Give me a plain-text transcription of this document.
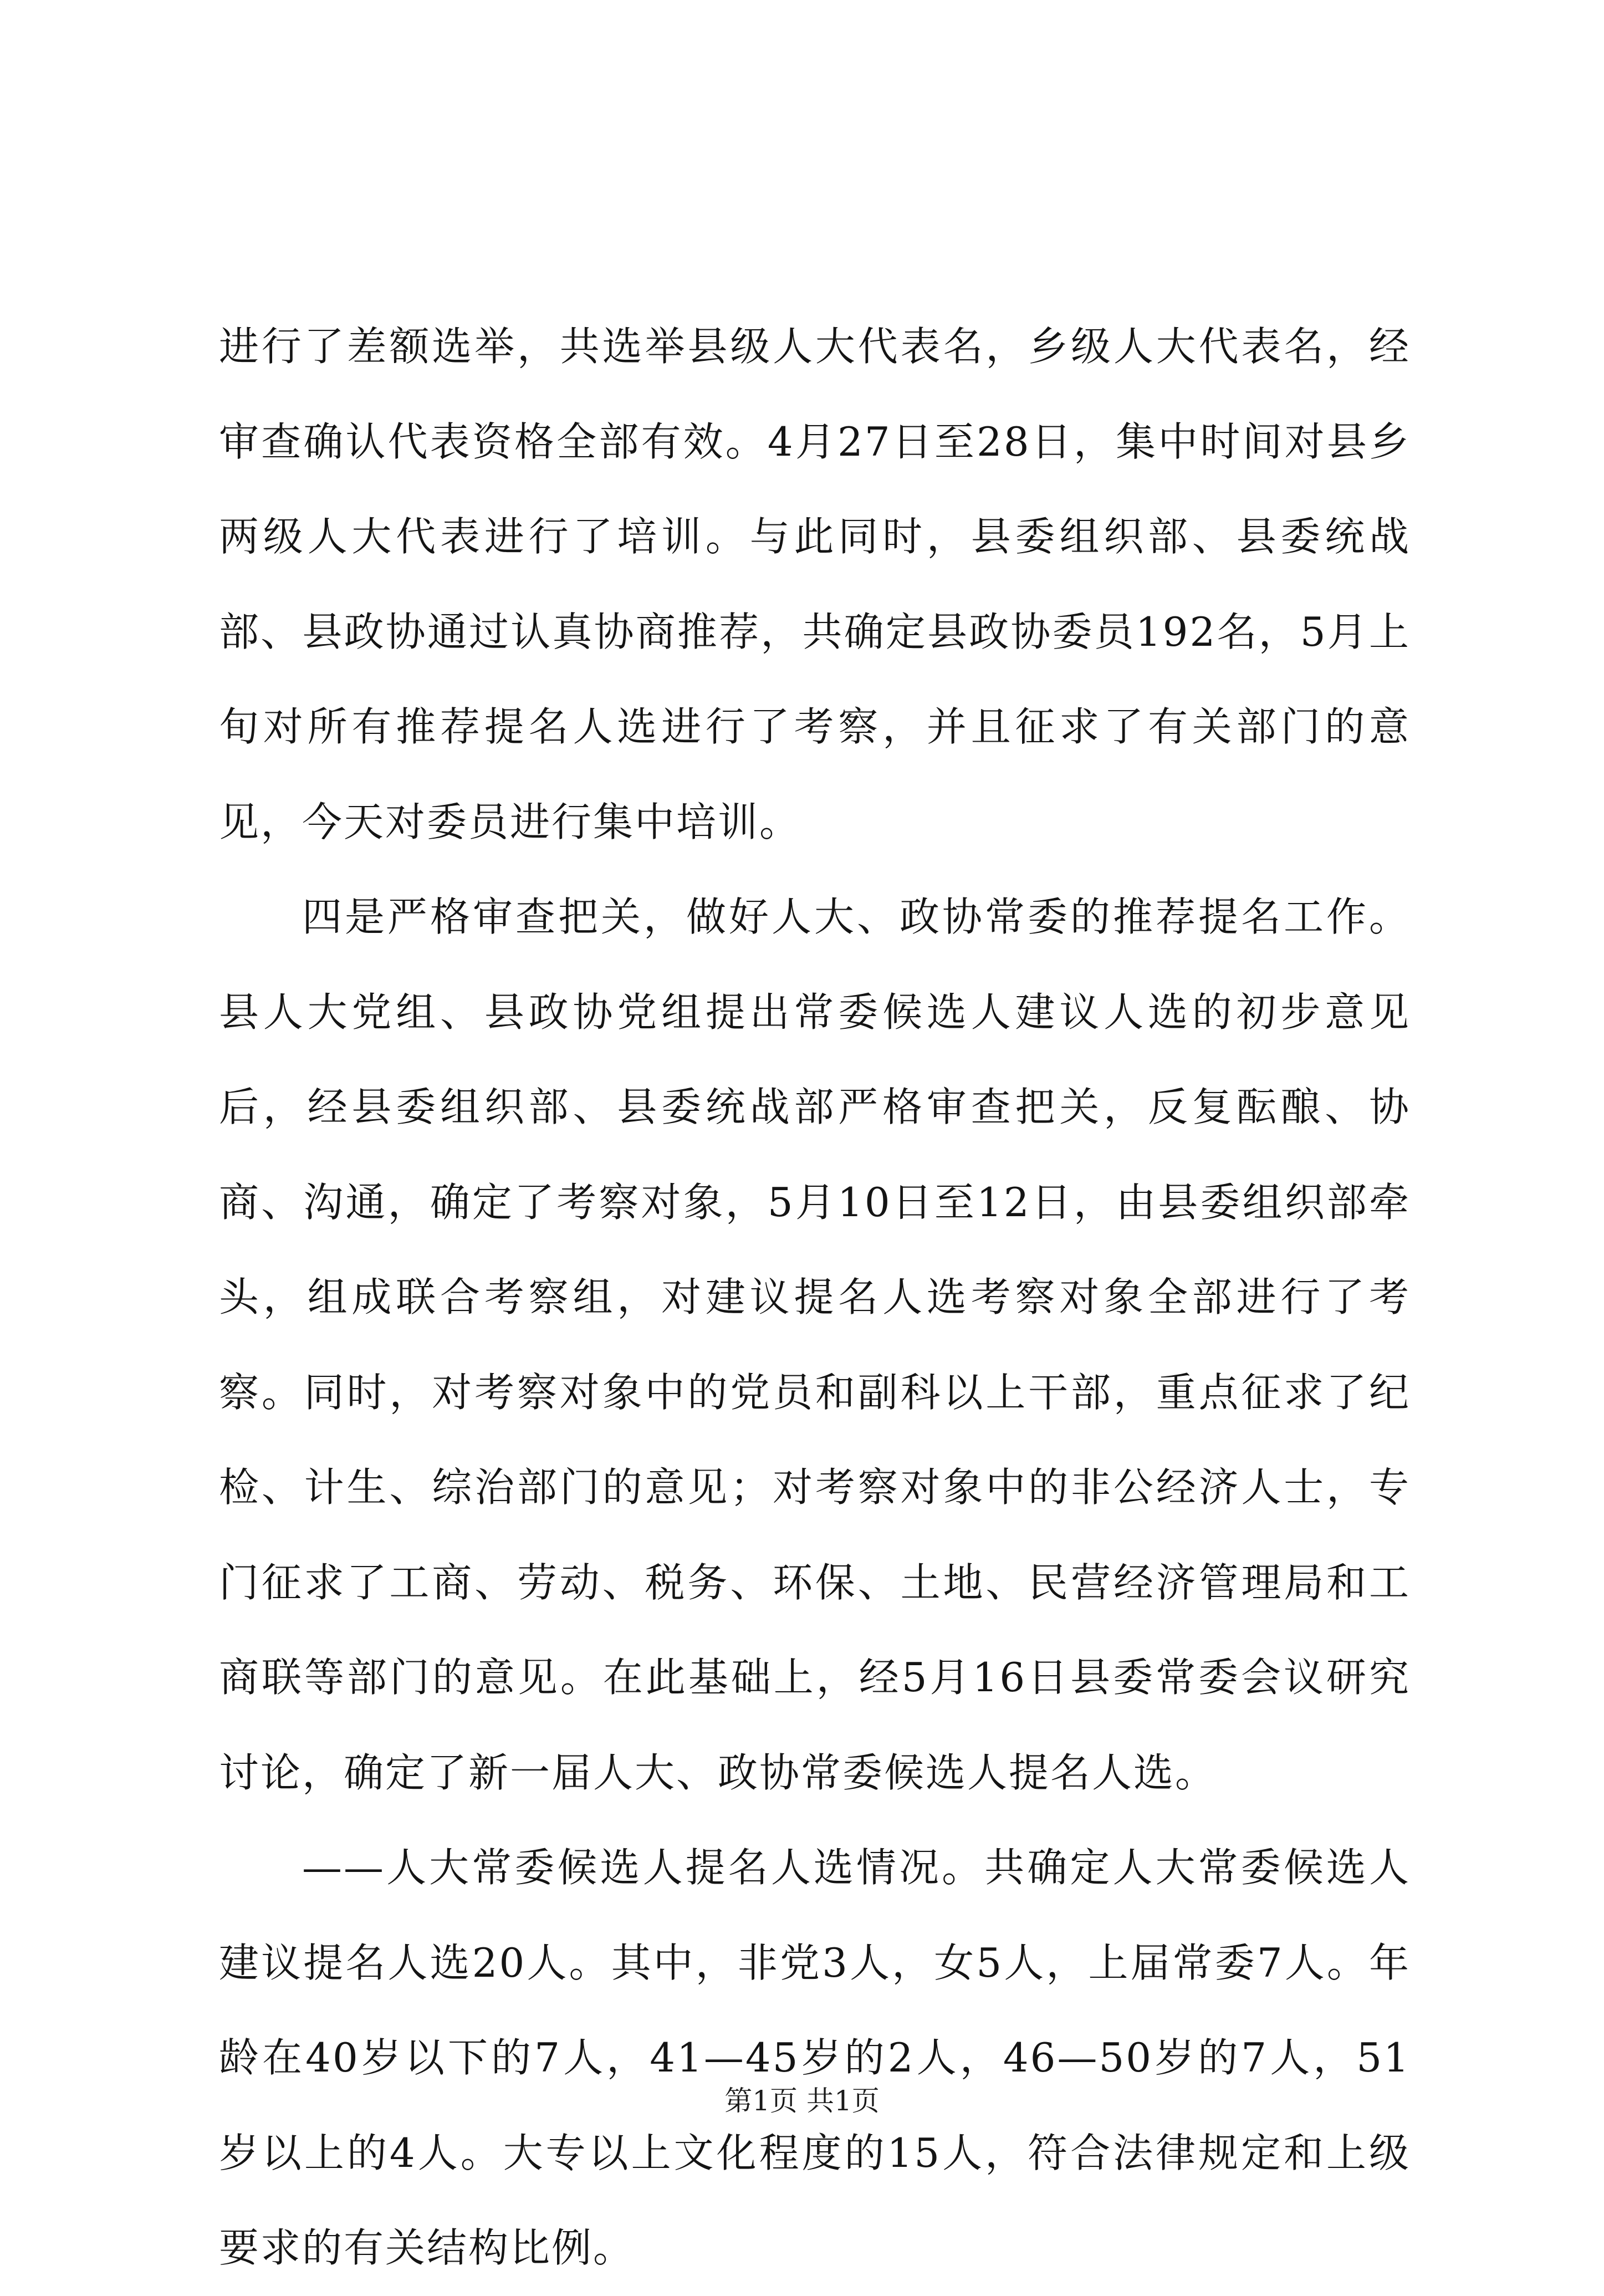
进行了差额选举，共选举县级人大代表名，乡级人大代表名，经审查确认代表资格全部有效。4月27日至28日，集中时间对县乡两级人大代表进行了培训。与此同时，县委组织部、县委统战部、县政协通过认真协商推荐，共确定县政协委员192名，5月上旬对所有推荐提名人选进行了考察，并且征求了有关部门的意见，今天对委员进行集中培训。

四是严格审查把关，做好人大、政协常委的推荐提名工作。县人大党组、县政协党组提出常委候选人建议人选的初步意见后，经县委组织部、县委统战部严格审查把关，反复酝酿、协商、沟通，确定了考察对象，5月10日至12日，由县委组织部牵头，组成联合考察组，对建议提名人选考察对象全部进行了考察。同时，对考察对象中的党员和副科以上干部，重点征求了纪检、计生、综治部门的意见；对考察对象中的非公经济人士，专门征求了工商、劳动、税务、环保、土地、民营经济管理局和工商联等部门的意见。在此基础上，经5月16日县委常委会议研究讨论，确定了新一届人大、政协常委候选人提名人选。

——人大常委候选人提名人选情况。共确定人大常委候选人建议提名人选20人。其中，非党3人，女5人，上届常委7人。年龄在40岁以下的7人，41—45岁的2人，46—50岁的7人，51岁以上的4人。大专以上文化程度的15人，符合法律规定和上级要求的有关结构比例。

第1页 共1页
